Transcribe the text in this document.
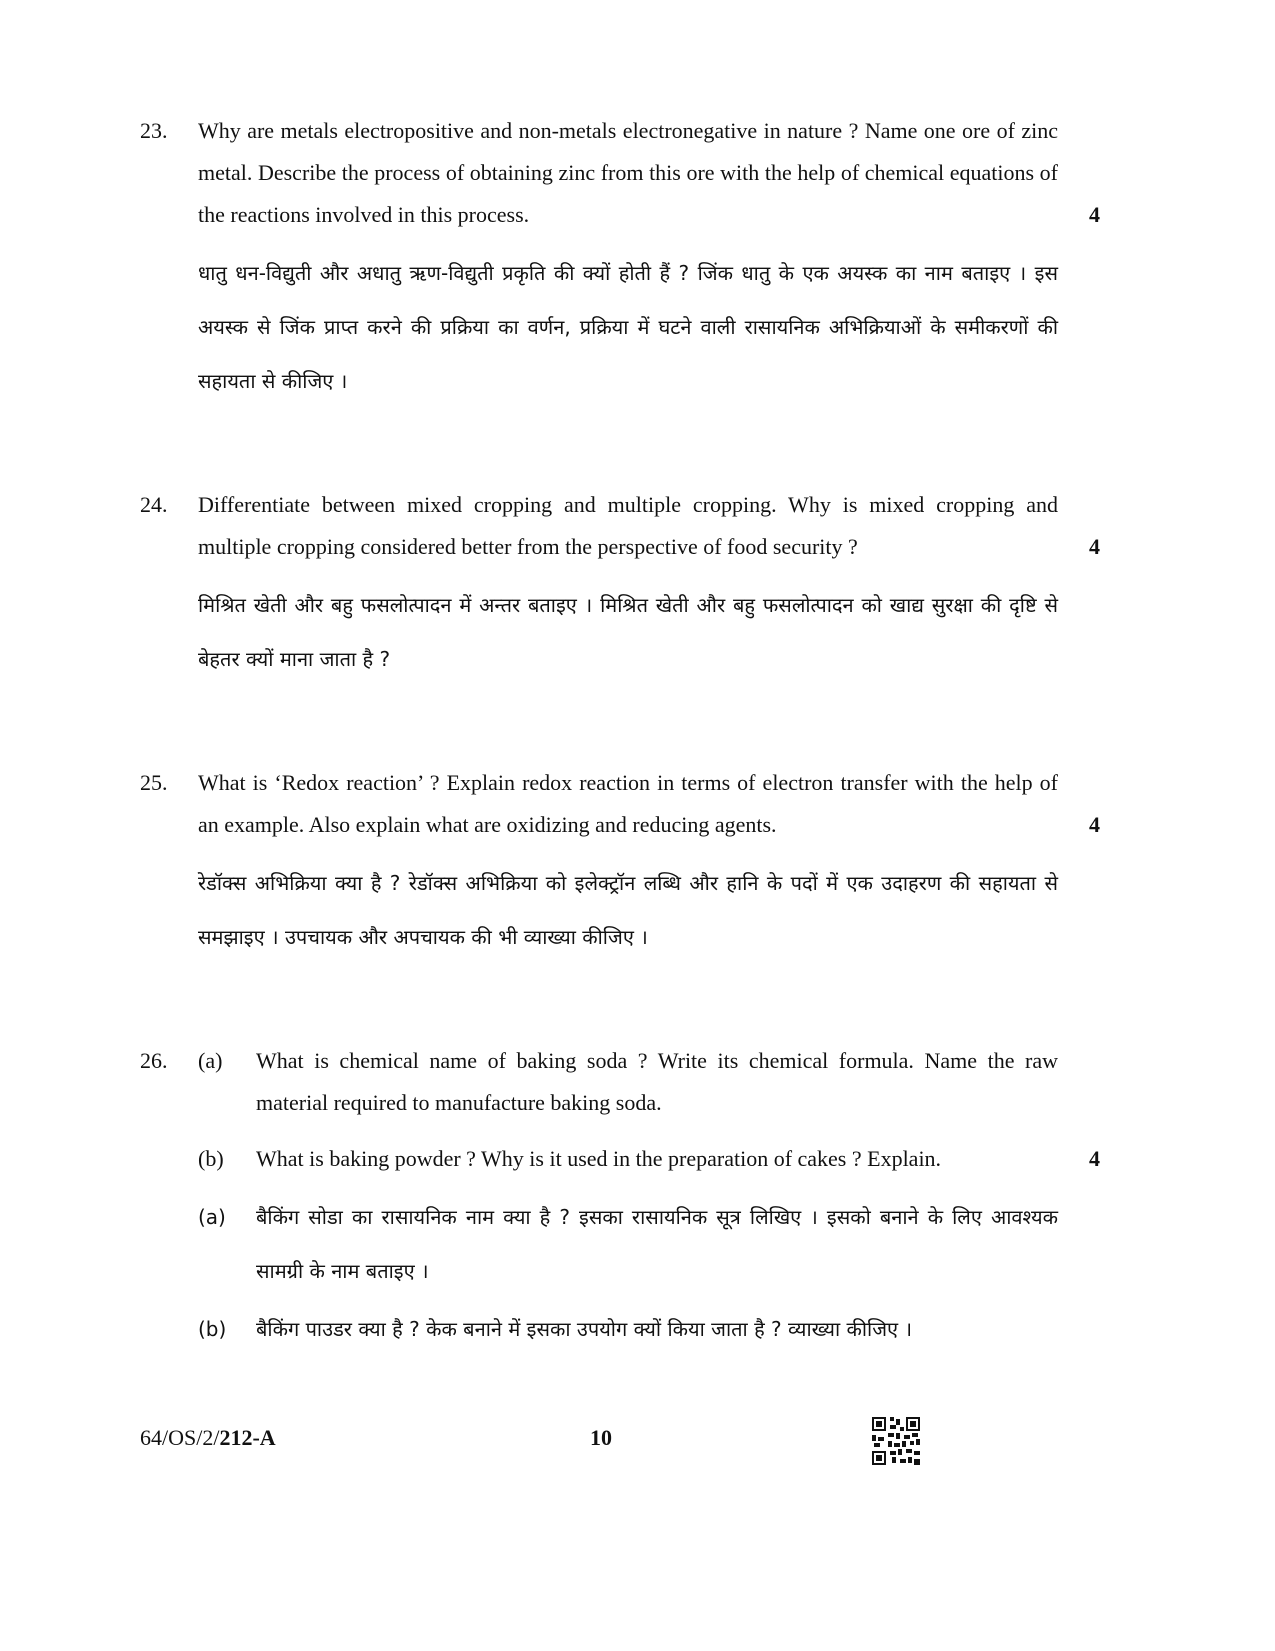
23. Why are metals electropositive and non-metals electronegative in nature ? Name one ore of zinc metal. Describe the process of obtaining zinc from this ore with the help of chemical equations of the reactions involved in this process.
धातु धन-विद्युती और अधातु ऋण-विद्युती प्रकृति की क्यों होती हैं ? जिंक धातु के एक अयस्क का नाम बताइए । इस अयस्क से जिंक प्राप्त करने की प्रक्रिया का वर्णन, प्रक्रिया में घटने वाली रासायनिक अभिक्रियाओं के समीकरणों की सहायता से कीजिए ।
4
24. Differentiate between mixed cropping and multiple cropping. Why is mixed cropping and multiple cropping considered better from the perspective of food security ?
मिश्रित खेती और बहु फसलोत्पादन में अन्तर बताइए । मिश्रित खेती और बहु फसलोत्पादन को खाद्य सुरक्षा की दृष्टि से बेहतर क्यों माना जाता है ?
4
25. What is ‘Redox reaction’ ? Explain redox reaction in terms of electron transfer with the help of an example. Also explain what are oxidizing and reducing agents.
रेडॉक्स अभिक्रिया क्या है ? रेडॉक्स अभिक्रिया को इलेक्ट्रॉन लब्धि और हानि के पदों में एक उदाहरण की सहायता से समझाइए । उपचायक और अपचायक की भी व्याख्या कीजिए ।
4
26. (a) What is chemical name of baking soda ? Write its chemical formula. Name the raw material required to manufacture baking soda.
(b) What is baking powder ? Why is it used in the preparation of cakes ? Explain.
(a) बैकिंग सोडा का रासायनिक नाम क्या है ? इसका रासायनिक सूत्र लिखिए । इसको बनाने के लिए आवश्यक सामग्री के नाम बताइए ।
(b) बैकिंग पाउडर क्या है ? केक बनाने में इसका उपयोग क्यों किया जाता है ? व्याख्या कीजिए ।
4
64/OS/2/212-A	10
